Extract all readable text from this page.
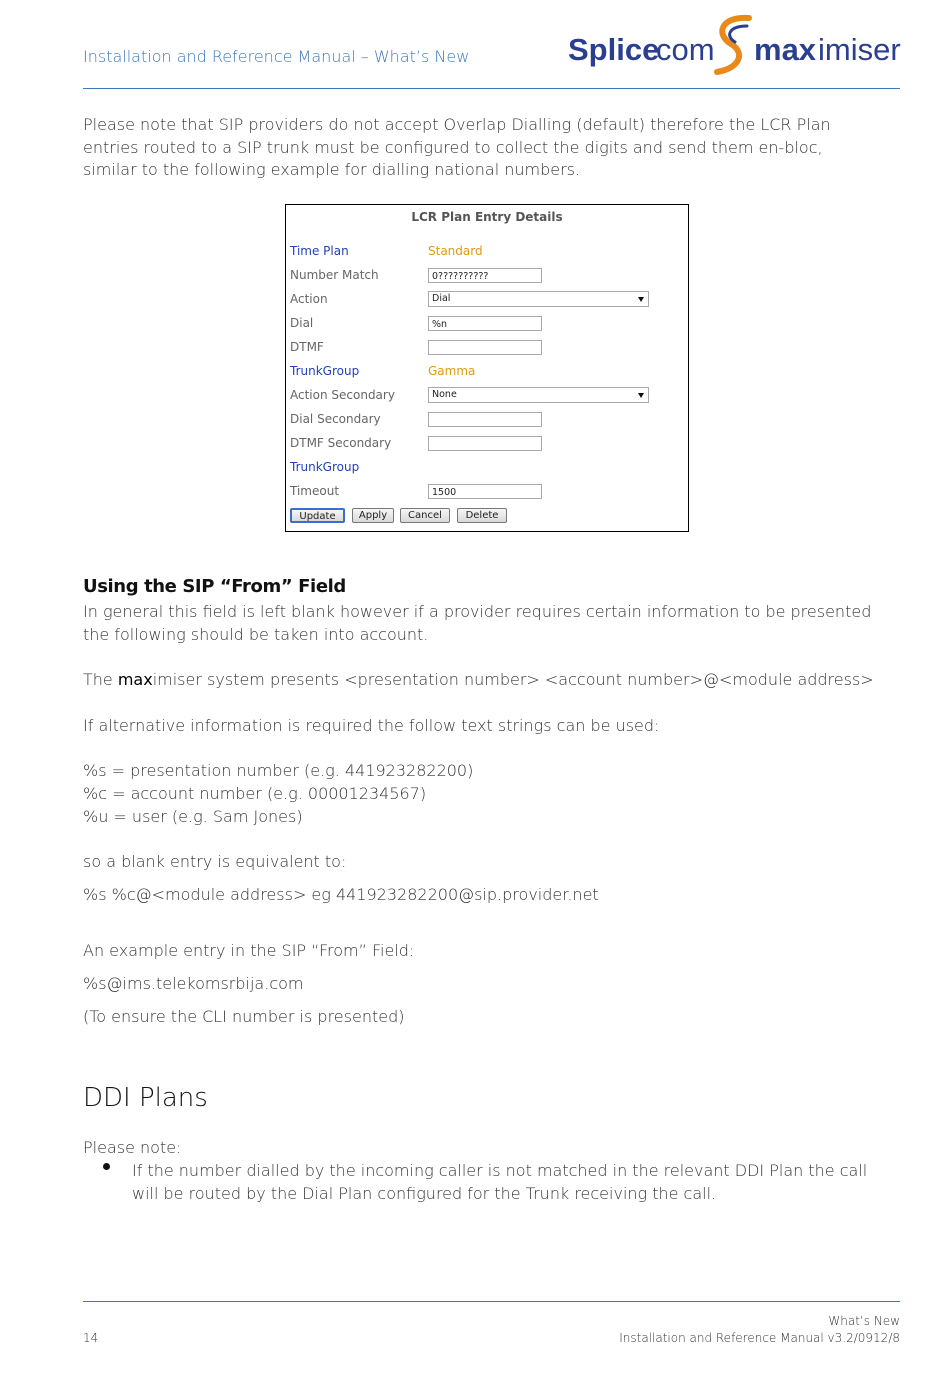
Installation and Reference Manual – What’s New	Splice
com max imiser
Please note that SIP providers do not accept Overlap Dialling (default) therefore the LCR Plan entries routed to a SIP trunk must be configured to collect the digits and send them en-bloc, similar to the following example for dialling national numbers.
LCR Plan Entry Details
Time Plan	Standard
Number Match	0??????????
Action	Dial
Dial	%n
DTMF
TrunkGroup	Gamma
Action Secondary	None
Dial Secondary
DTMF Secondary
TrunkGroup
Timeout	1500
Update	Apply	Cancel	Delete
Using the SIP “From” Field
In general this field is left blank however if a provider requires certain information to be presented the following should be taken into account.
The maximiser system presents <presentation number> <account number>@<module address>
If alternative information is required the follow text strings can be used:
%s = presentation number (e.g. 441923282200)
%c = account number (e.g. 00001234567)
%u = user (e.g. Sam Jones)
so a blank entry is equivalent to:
%s %c@<module address> eg 441923282200@sip.provider.net
An example entry in the SIP “From” Field:
%s@ims.telekomsrbija.com
(To ensure the CLI number is presented)
DDI Plans
Please note:
If the number dialled by the incoming caller is not matched in the relevant DDI Plan the call will be routed by the Dial Plan configured for the Trunk receiving the call.
What’s New
14	Installation and Reference Manual v3.2/0912/8
